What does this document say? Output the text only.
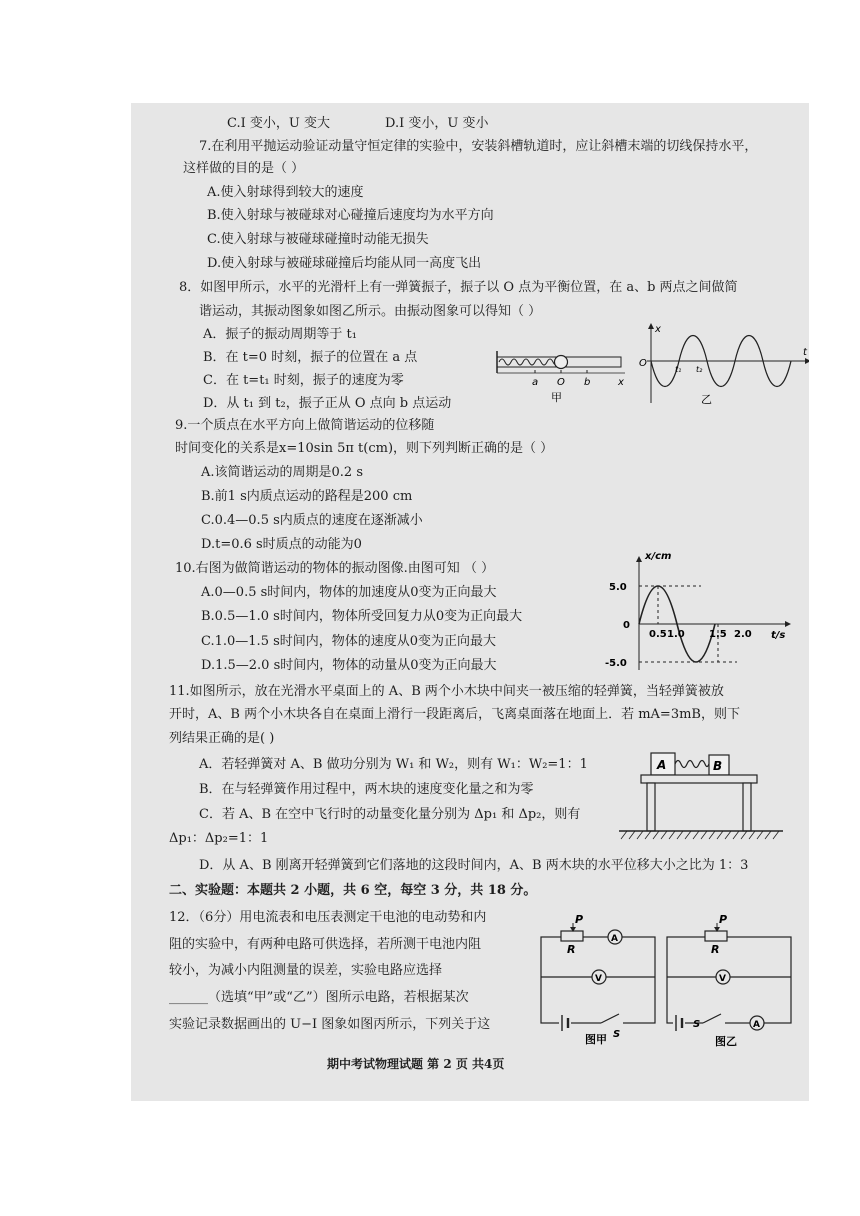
C.I 变小，U 变大	D.I 变小，U 变小
7.在利用平抛运动验证动量守恒定律的实验中，安装斜槽轨道时，应让斜槽末端的切线保持水平，
这样做的目的是（ ）
A.使入射球得到较大的速度
B.使入射球与被碰球对心碰撞后速度均为水平方向
C.使入射球与被碰球碰撞时动能无损失
D.使入射球与被碰球碰撞后均能从同一高度飞出
8．如图甲所示，水平的光滑杆上有一弹簧振子，振子以 O 点为平衡位置，在 a、b 两点之间做简
谐运动，其振动图象如图乙所示。由振动图象可以得知（ ）
A．振子的振动周期等于 t₁
B．在 t=0 时刻，振子的位置在 a 点
C．在 t=t₁ 时刻，振子的速度为零
D．从 t₁ 到 t₂，振子正从 O 点向 b 点运动
9.一个质点在水平方向上做简谐运动的位移随
时间变化的关系是x=10sin 5π t(cm)，则下列判断正确的是（ ）
A.该简谐运动的周期是0.2 s
B.前1 s内质点运动的路程是200 cm
C.0.4—0.5 s内质点的速度在逐渐减小
D.t=0.6 s时质点的动能为0
10.右图为做简谐运动的物体的振动图像.由图可知 （ ）
A.0—0.5 s时间内，物体的加速度从0变为正向最大
B.0.5—1.0 s时间内，物体所受回复力从0变为正向最大
C.1.0—1.5 s时间内，物体的速度从0变为正向最大
D.1.5—2.0 s时间内，物体的动量从0变为正向最大
11.如图所示，放在光滑水平桌面上的 A、B 两个小木块中间夹一被压缩的轻弹簧，当轻弹簧被放
开时，A、B 两个小木块各自在桌面上滑行一段距离后，飞离桌面落在地面上．若 mA=3mB，则下
列结果正确的是( )
A．若轻弹簧对 A、B 做功分别为 W₁ 和 W₂，则有 W₁：W₂=1：1
B．在与轻弹簧作用过程中，两木块的速度变化量之和为零
C．若 A、B 在空中飞行时的动量变化量分别为 Δp₁ 和 Δp₂，则有
Δp₁：Δp₂=1：1
D．从 A、B 刚离开轻弹簧到它们落地的这段时间内，A、B 两木块的水平位移大小之比为 1：3
二、实验题：本题共 2 小题，共 6 空，每空 3 分，共 18 分。
12．（6分）用电流表和电压表测定干电池的电动势和内
阻的实验中，有两种电路可供选择，若所测干电池内阻
较小，为减小内阻测量的误差，实验电路应选择
______（选填“甲”或“乙”）图所示电路，若根据某次
实验记录数据画出的 U−I 图象如图丙所示，下列关于这
期中考试物理试题 第 2 页 共4页
a O b	x
甲
x
O
t₁ t₂
t
乙
x/cm
t/s
5.0
0
-5.0
0.5 1.0 1.5 2.0
A	B
P
R
A
V
S
图甲
P
R
V
A
S
图乙
